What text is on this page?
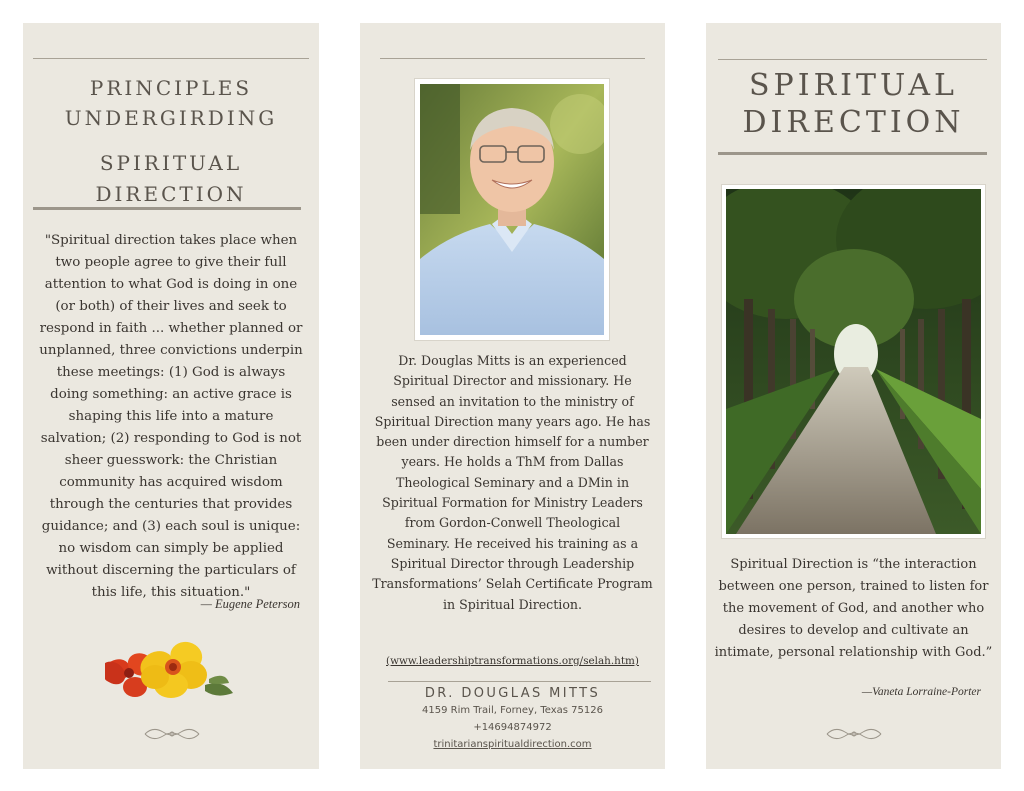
PRINCIPLES
UNDERGIRDING
SPIRITUAL
DIRECTION
"Spiritual direction takes place when two people agree to give their full attention to what God is doing in one (or both) of their lives and seek to respond in faith ... whether planned or unplanned, three convictions underpin these meetings: (1) God is always doing something: an active grace is shaping this life into a mature salvation; (2) responding to God is not sheer guesswork: the Christian community has acquired wisdom through the centuries that provides guidance; and (3) each soul is unique: no wisdom can simply be applied without discerning the particulars of this life, this situation."
— Eugene Peterson
Dr. Douglas Mitts is an experienced Spiritual Director and missionary. He sensed an invitation to the ministry of Spiritual Direction many years ago. He has been under direction himself for a number years. He holds a ThM from Dallas Theological Seminary and a DMin in Spiritual Formation for Ministry Leaders from Gordon-Conwell Theological Seminary. He received his training as a Spiritual Director through Leadership Transformations’ Selah Certificate Program in Spiritual Direction.
(www.leadershiptransformations.org/selah.htm)
DR. DOUGLAS MITTS
4159 Rim Trail, Forney, Texas 75126
+14694874972
trinitarianspiritualdirection.com
SPIRITUAL
DIRECTION
Spiritual Direction is “the interaction between one person, trained to listen for the movement of God, and another who desires to develop and cultivate an intimate, personal relationship with God.”
—Vaneta Lorraine-Porter
